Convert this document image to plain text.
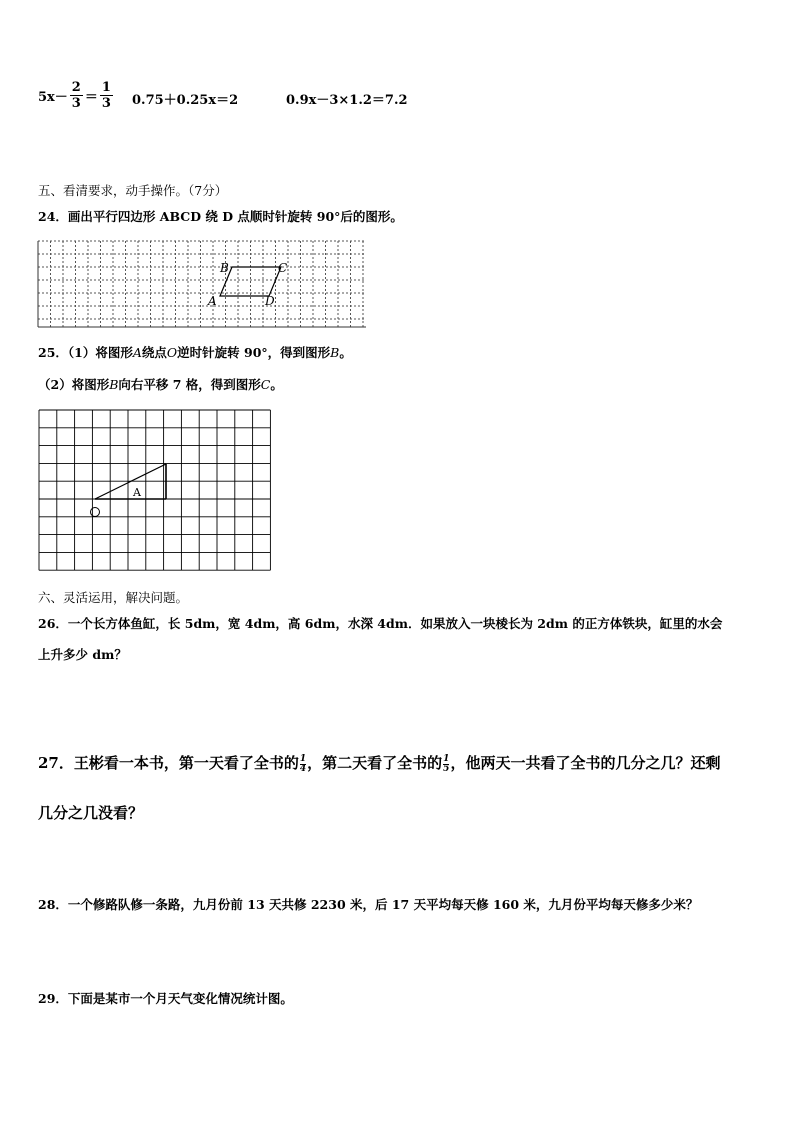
$5x- \frac{2}{3} = \frac{1}{3} 0.75+0.25x=2$	0.9x－3×1.2＝7.2
五、看清要求，动手操作。（7分）
24．画出平行四边形 ABCD 绕 D 点顺时针旋转 90°后的图形。
A
B	C
D
25．（1）将图形A绕点O逆时针旋转 90°，得到图形B。
（2）将图形B向右平移 7 格，得到图形C。
A
六、灵活运用，解决问题。
26．一个长方体鱼缸，长 5dm，宽 4dm，高 6dm，水深 4dm．如果放入一块棱长为 2dm 的正方体铁块，缸里的水会
上升多少 dm？
27．王彬看一本书，第一天看了全书的 $\frac{1}{4}$ ，第二天看了全书的 $\frac{1}{5}$ ，他两天一共看了全书的几分之几？还剩
几分之几没看？
28．一个修路队修一条路，九月份前 13 天共修 2230 米，后 17 天平均每天修 160 米，九月份平均每天修多少米？
29．下面是某市一个月天气变化情况统计图。
